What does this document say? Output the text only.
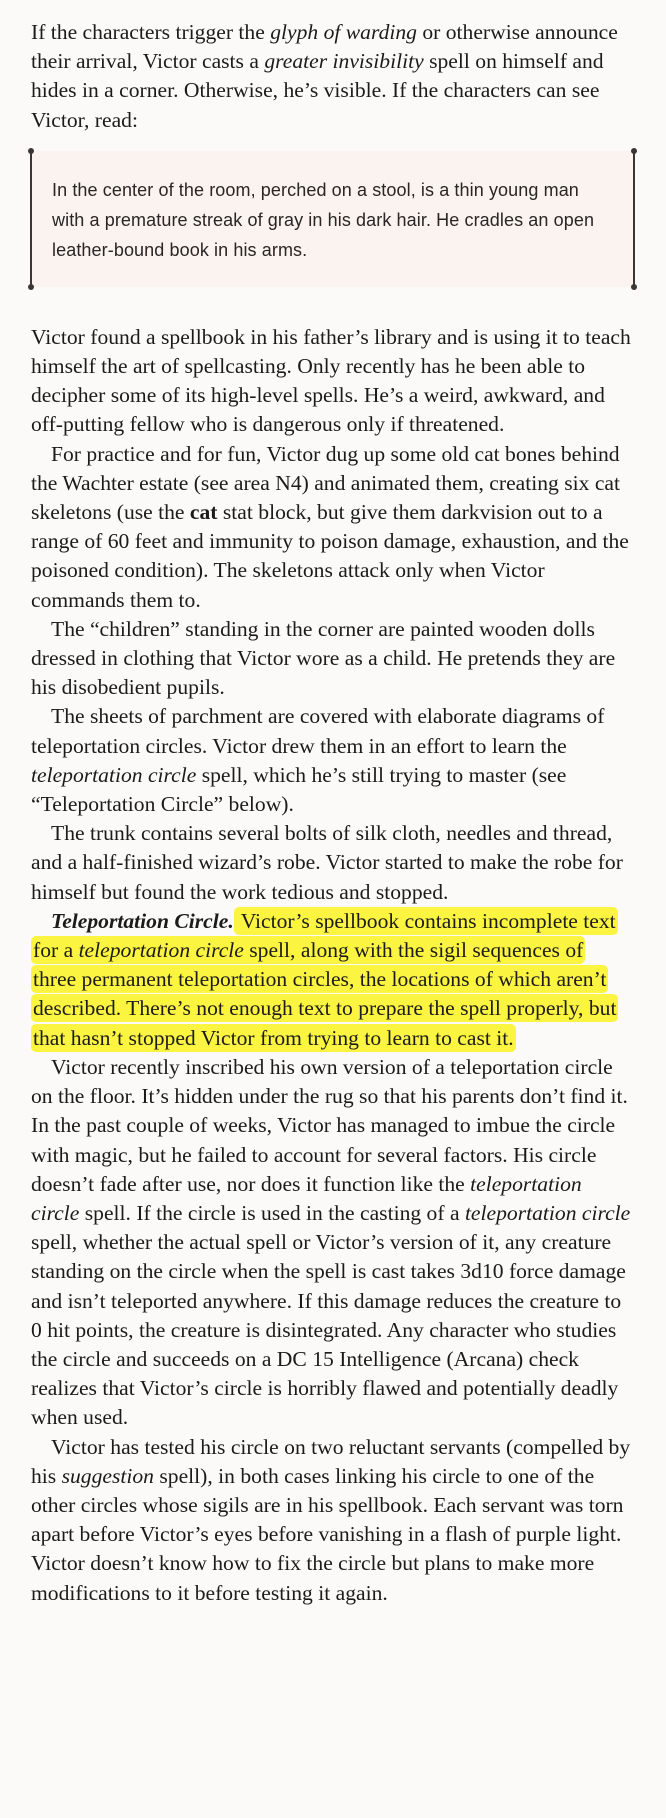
If the characters trigger the glyph of warding or otherwise announce their arrival, Victor casts a greater invisibility spell on himself and hides in a corner. Otherwise, he’s visible. If the characters can see Victor, read:

In the center of the room, perched on a stool, is a thin young man with a premature streak of gray in his dark hair. He cradles an open leather-bound book in his arms.

Victor found a spellbook in his father’s library and is using it to teach himself the art of spellcasting. Only recently has he been able to decipher some of its high-level spells. He’s a weird, awkward, and off-putting fellow who is dangerous only if threatened.

For practice and for fun, Victor dug up some old cat bones behind the Wachter estate (see area N4) and animated them, creating six cat skeletons (use the cat stat block, but give them darkvision out to a range of 60 feet and immunity to poison damage, exhaustion, and the poisoned condition). The skeletons attack only when Victor commands them to.

The “children” standing in the corner are painted wooden dolls dressed in clothing that Victor wore as a child. He pretends they are his disobedient pupils.

The sheets of parchment are covered with elaborate diagrams of teleportation circles. Victor drew them in an effort to learn the teleportation circle spell, which he’s still trying to master (see “Teleportation Circle” below).

The trunk contains several bolts of silk cloth, needles and thread, and a half-finished wizard’s robe. Victor started to make the robe for himself but found the work tedious and stopped.

Teleportation Circle. Victor’s spellbook contains incomplete text for a teleportation circle spell, along with the sigil sequences of three permanent teleportation circles, the locations of which aren’t described. There’s not enough text to prepare the spell properly, but that hasn’t stopped Victor from trying to learn to cast it.

Victor recently inscribed his own version of a teleportation circle on the floor. It’s hidden under the rug so that his parents don’t find it. In the past couple of weeks, Victor has managed to imbue the circle with magic, but he failed to account for several factors. His circle doesn’t fade after use, nor does it function like the teleportation circle spell. If the circle is used in the casting of a teleportation circle spell, whether the actual spell or Victor’s version of it, any creature standing on the circle when the spell is cast takes 3d10 force damage and isn’t teleported anywhere. If this damage reduces the creature to 0 hit points, the creature is disintegrated. Any character who studies the circle and succeeds on a DC 15 Intelligence (Arcana) check realizes that Victor’s circle is horribly flawed and potentially deadly when used.

Victor has tested his circle on two reluctant servants (compelled by his suggestion spell), in both cases linking his circle to one of the other circles whose sigils are in his spellbook. Each servant was torn apart before Victor’s eyes before vanishing in a flash of purple light. Victor doesn’t know how to fix the circle but plans to make more modifications to it before testing it again.
